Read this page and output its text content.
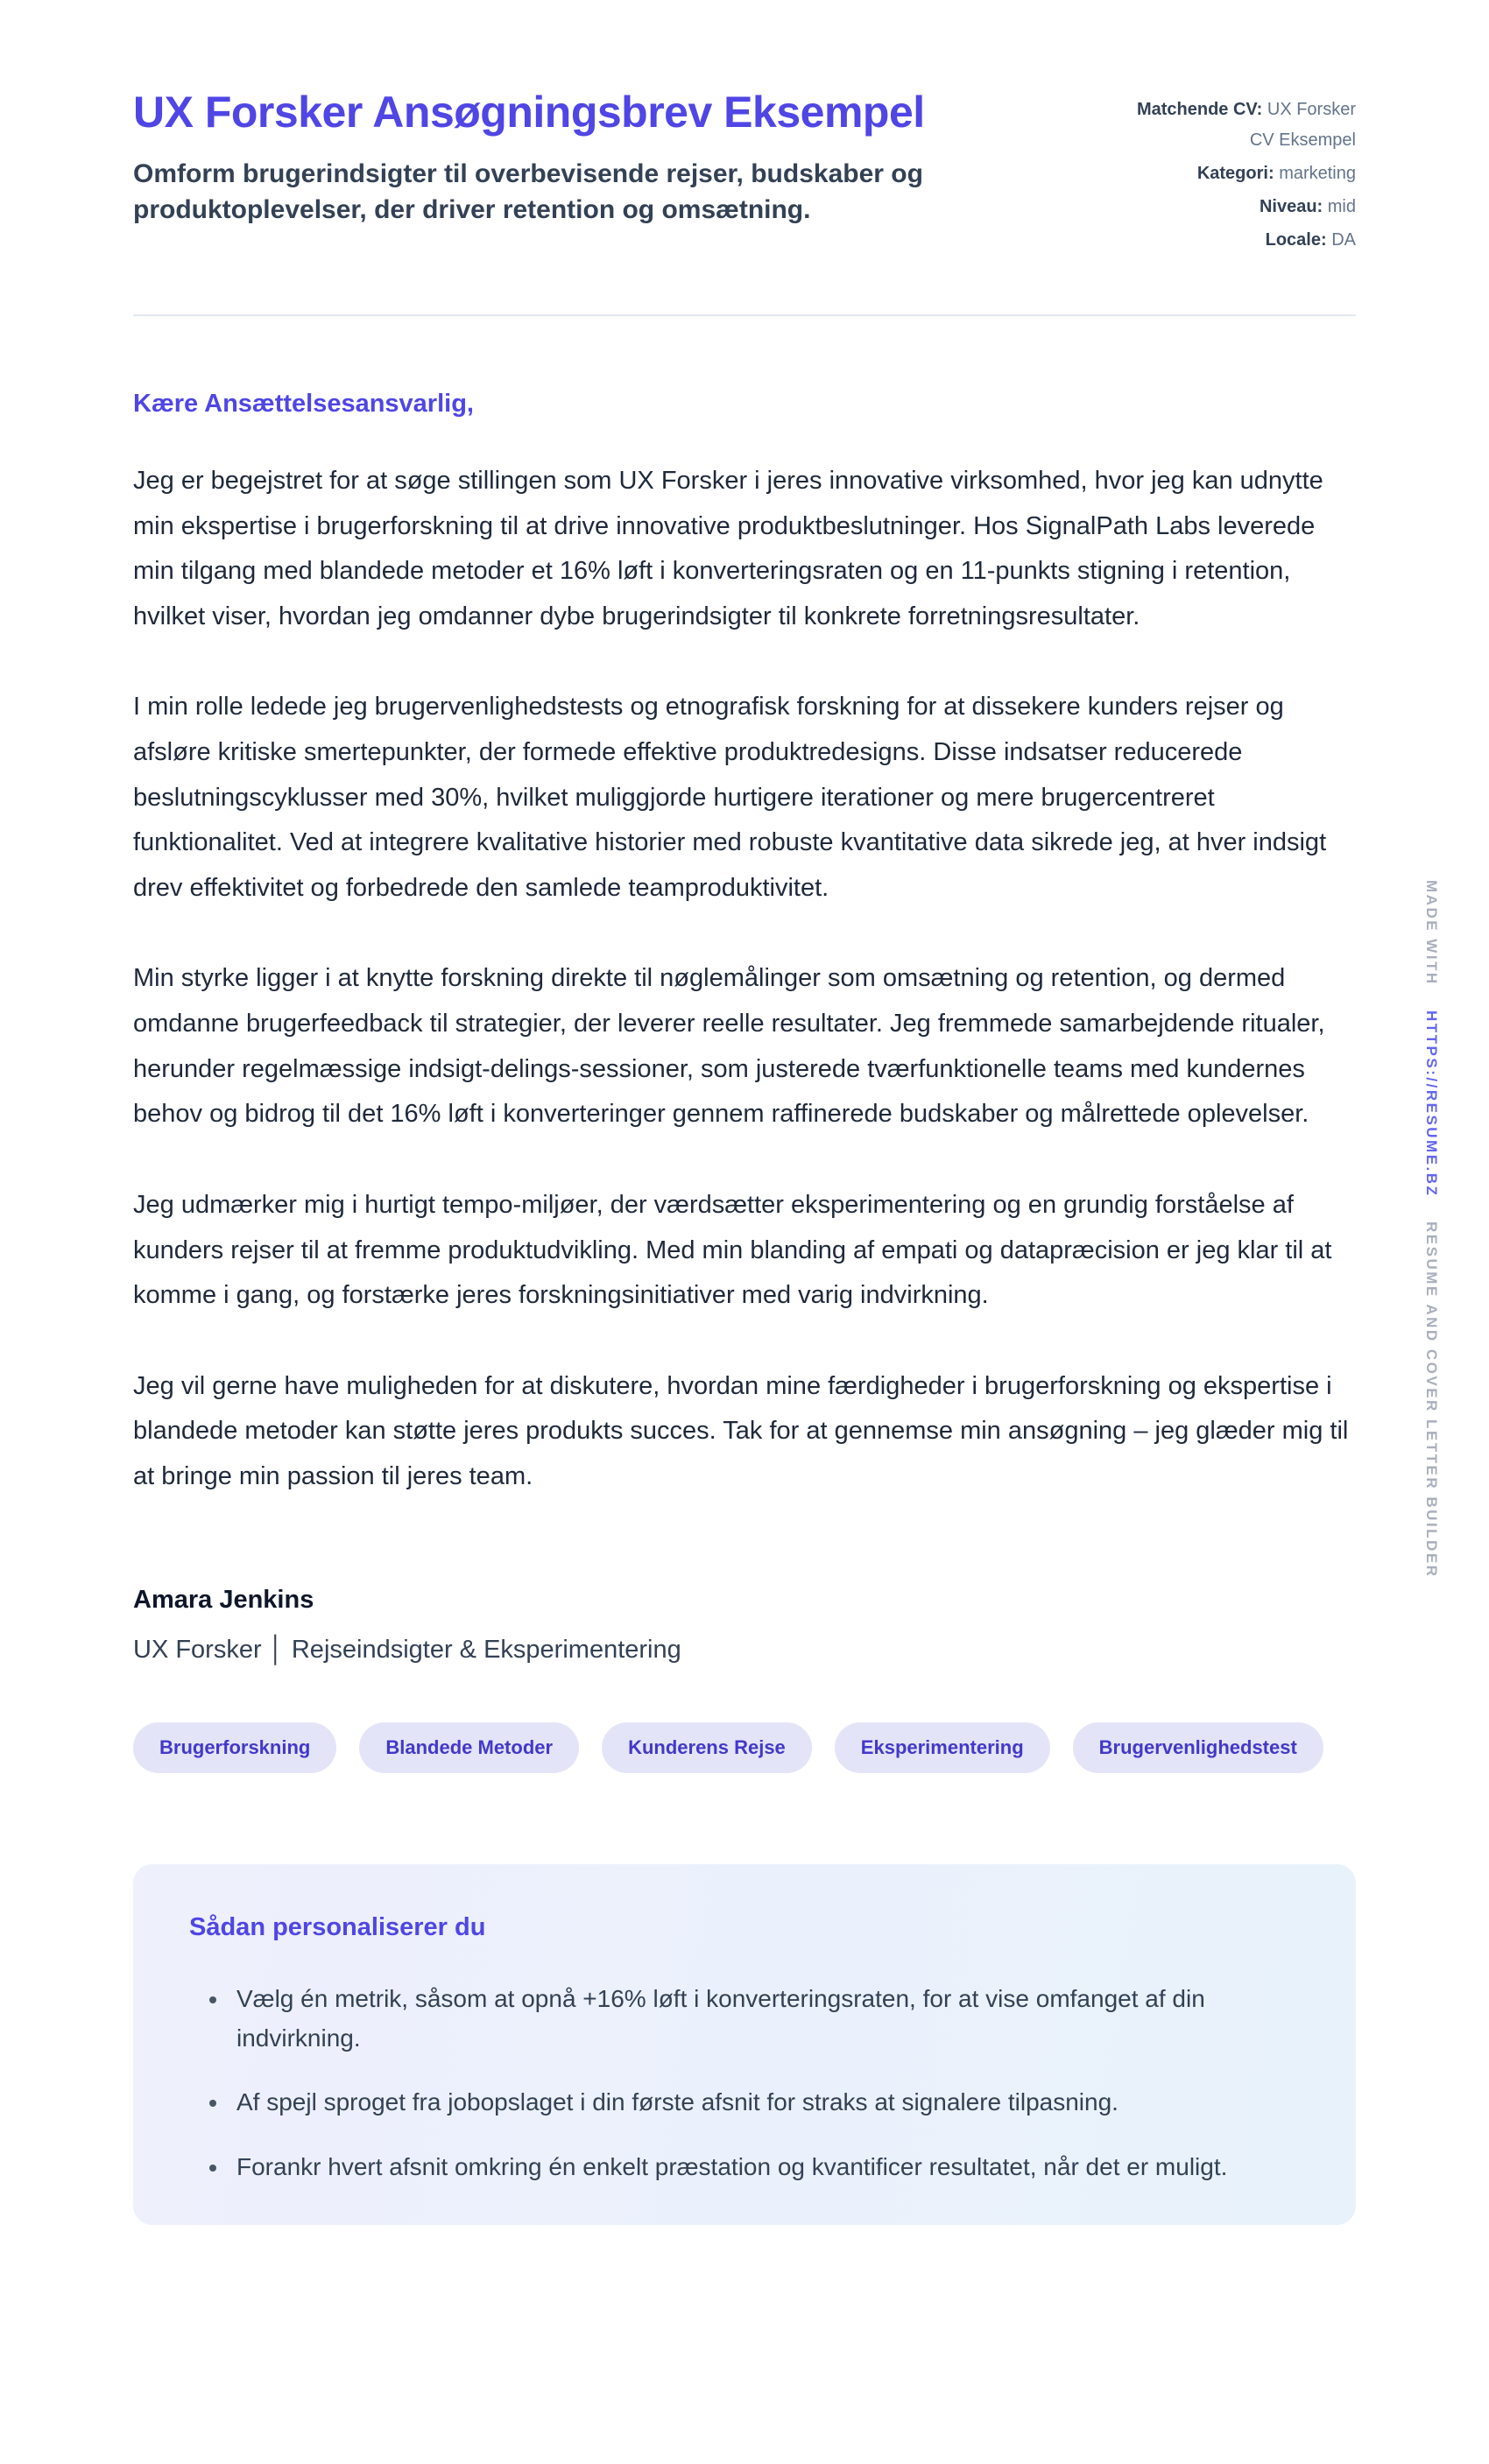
UX Forsker Ansøgningsbrev Eksempel

Omform brugerindsigter til overbevisende rejser, budskaber og produktoplevelser, der driver retention og omsætning.

Matchende CV: UX Forsker CV Eksempel
Kategori: marketing
Niveau: mid
Locale: DA

Kære Ansættelsesansvarlig,

Jeg er begejstret for at søge stillingen som UX Forsker i jeres innovative virksomhed, hvor jeg kan udnytte min ekspertise i brugerforskning til at drive innovative produktbeslutninger. Hos SignalPath Labs leverede min tilgang med blandede metoder et 16% løft i konverteringsraten og en 11-punkts stigning i retention, hvilket viser, hvordan jeg omdanner dybe brugerindsigter til konkrete forretningsresultater.

I min rolle ledede jeg brugervenlighedstests og etnografisk forskning for at dissekere kunders rejser og afsløre kritiske smertepunkter, der formede effektive produktredesigns. Disse indsatser reducerede beslutningscyklusser med 30%, hvilket muliggjorde hurtigere iterationer og mere brugercentreret funktionalitet. Ved at integrere kvalitative historier med robuste kvantitative data sikrede jeg, at hver indsigt drev effektivitet og forbedrede den samlede teamproduktivitet.

Min styrke ligger i at knytte forskning direkte til nøglemålinger som omsætning og retention, og dermed omdanne brugerfeedback til strategier, der leverer reelle resultater. Jeg fremmede samarbejdende ritualer, herunder regelmæssige indsigt-delings-sessioner, som justerede tværfunktionelle teams med kundernes behov og bidrog til det 16% løft i konverteringer gennem raffinerede budskaber og målrettede oplevelser.

Jeg udmærker mig i hurtigt tempo-miljøer, der værdsætter eksperimentering og en grundig forståelse af kunders rejser til at fremme produktudvikling. Med min blanding af empati og datapræcision er jeg klar til at komme i gang, og forstærke jeres forskningsinitiativer med varig indvirkning.

Jeg vil gerne have muligheden for at diskutere, hvordan mine færdigheder i brugerforskning og ekspertise i blandede metoder kan støtte jeres produkts succes. Tak for at gennemse min ansøgning – jeg glæder mig til at bringe min passion til jeres team.

Amara Jenkins

UX Forsker │ Rejseindsigter & Eksperimentering

Brugerforskning	Blandede Metoder	Kunderens Rejse	Eksperimentering	Brugervenlighedstest
Sådan personaliserer du
• Vælg én metrik, såsom at opnå +16% løft i konverteringsraten, for at vise omfanget af din indvirkning.
• Af spejl sproget fra jobopslaget i din første afsnit for straks at signalere tilpasning.
• Forankr hvert afsnit omkring én enkelt præstation og kvantificer resultatet, når det er muligt.
MADE WITH
HTTPS://RESUME.BZ
RESUME AND COVER LETTER BUILDER
